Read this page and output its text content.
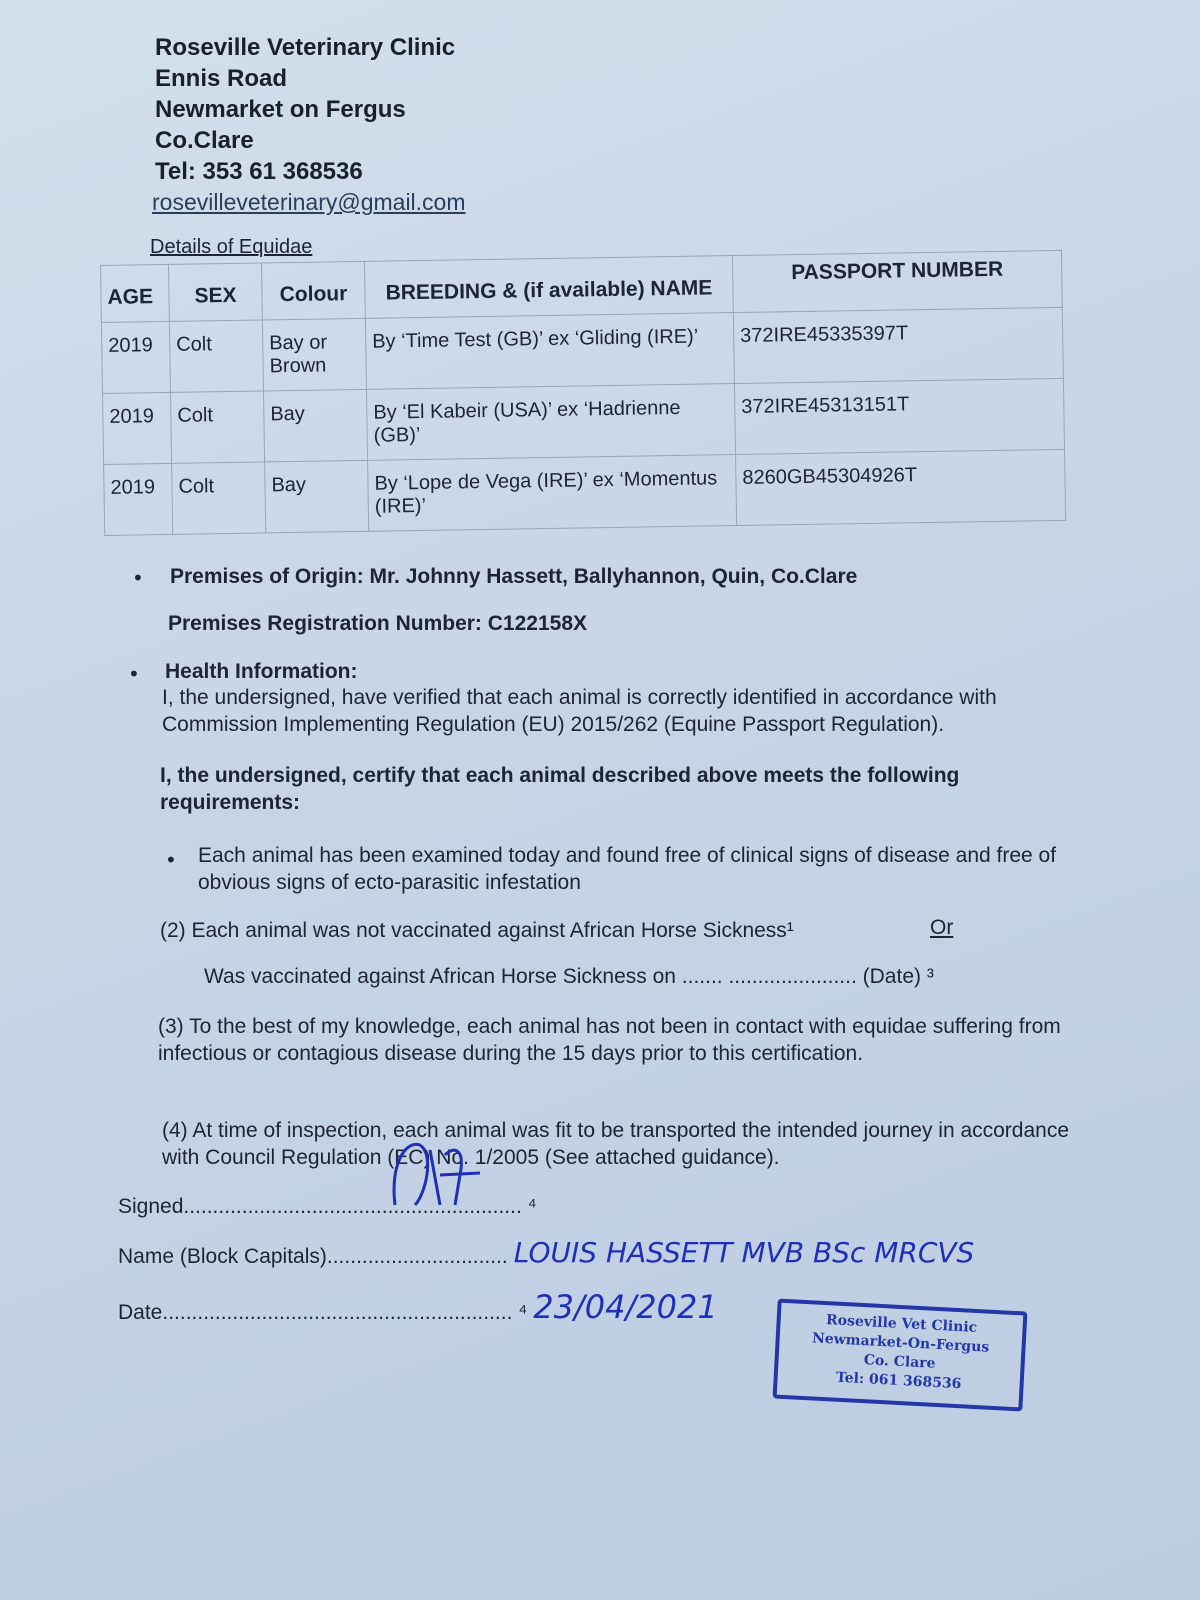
Roseville Veterinary Clinic
Ennis Road
Newmarket on Fergus
Co.Clare
Tel: 353 61 368536
rosevilleveterinary@gmail.com
Details of Equidae
AGE	SEX	Colour	BREEDING & (if available) NAME	PASSPORT NUMBER
2019	Colt	Bay or Brown	By ‘Time Test (GB)’ ex ‘Gliding (IRE)’	372IRE45335397T
2019	Colt	Bay	By ‘El Kabeir (USA)’ ex ‘Hadrienne (GB)’	372IRE45313151T
2019	Colt	Bay	By ‘Lope de Vega (IRE)’ ex ‘Momentus (IRE)’	8260GB45304926T
• Premises of Origin: Mr. Johnny Hassett, Ballyhannon, Quin, Co.Clare
Premises Registration Number: C122158X
• Health Information:
I, the undersigned, have verified that each animal is correctly identified in accordance with Commission Implementing Regulation (EU) 2015/262 (Equine Passport Regulation).
I, the undersigned, certify that each animal described above meets the following requirements:
• Each animal has been examined today and found free of clinical signs of disease and free of obvious signs of ecto-parasitic infestation
(2) Each animal was not vaccinated against African Horse Sickness¹	Or
Was vaccinated against African Horse Sickness on ....... ...................... (Date) ³
(3) To the best of my knowledge, each animal has not been in contact with equidae suffering from infectious or contagious disease during the 15 days prior to this certification.
(4) At time of inspection, each animal was fit to be transported the intended journey in accordance with Council Regulation (EC) No. 1/2005 (See attached guidance).
Signed.......................................................... ⁴
Name (Block Capitals)............................... LOUIS HASSETT MVB BSc MRCVS
Date............................................................ ⁴ 23/04/2021	Roseville Vet Clinic
Newmarket-On-Fergus
Co. Clare
Tel: 061 368536
